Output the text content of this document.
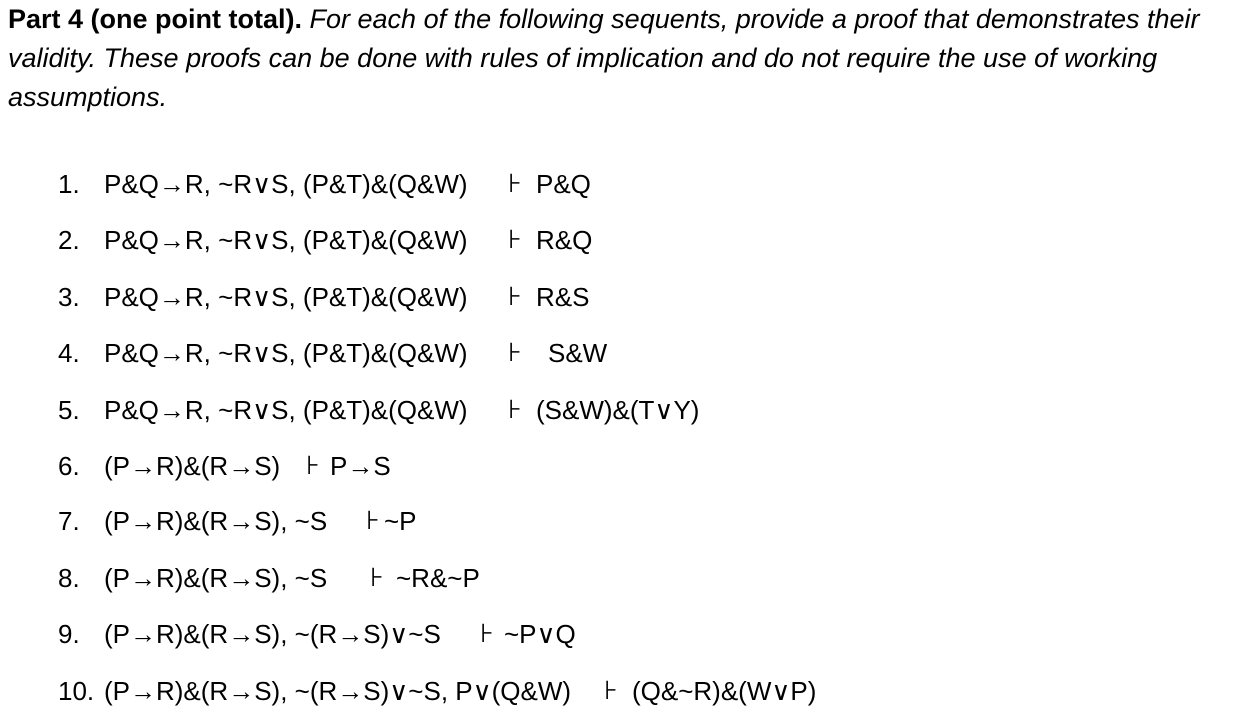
Part 4 (one point total). For each of the following sequents, provide a proof that demonstrates their validity. These proofs can be done with rules of implication and do not require the use of working assumptions.

1. P&Q→R, ~R∨S, (P&T)&(Q&W) ⊦ P&Q
2. P&Q→R, ~R∨S, (P&T)&(Q&W) ⊦ R&Q
3. P&Q→R, ~R∨S, (P&T)&(Q&W) ⊦ R&S
4. P&Q→R, ~R∨S, (P&T)&(Q&W) ⊦ S&W
5. P&Q→R, ~R∨S, (P&T)&(Q&W) ⊦ (S&W)&(T∨Y)
6. (P→R)&(R→S) ⊦ P→S
7. (P→R)&(R→S), ~S ⊦ ~P
8. (P→R)&(R→S), ~S ⊦ ~R&~P
9. (P→R)&(R→S), ~(R→S)∨~S ⊦ ~P∨Q
10. (P→R)&(R→S), ~(R→S)∨~S, P∨(Q&W) ⊦ (Q&~R)&(W∨P)
